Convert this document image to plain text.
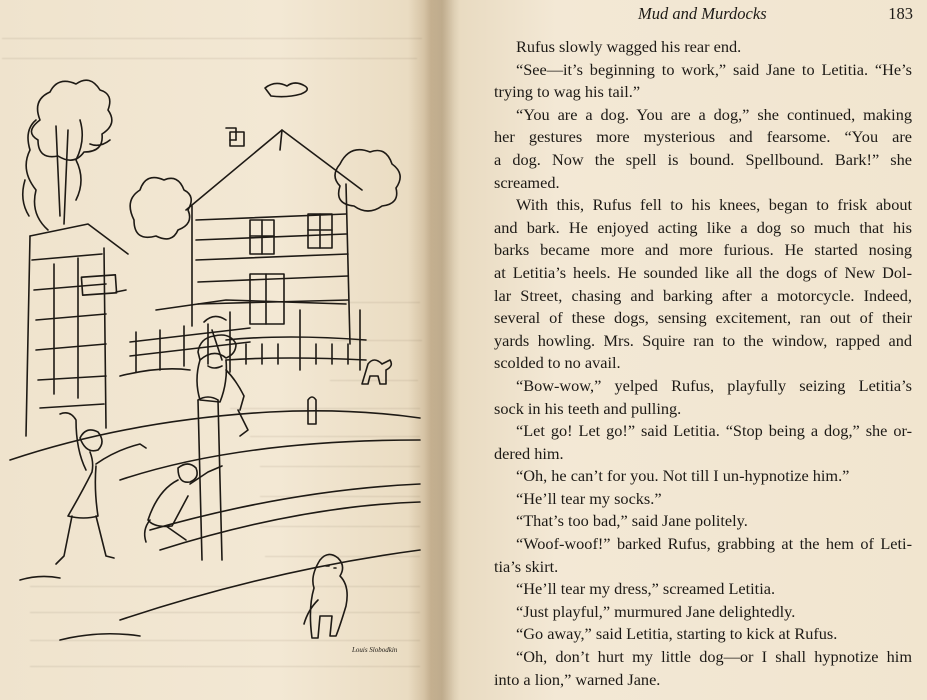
Louis Slobodkin
Mud and Murdocks	183
Rufus slowly wagged his rear end.
“See—it’s beginning to work,” said Jane to Letitia. “He’s
trying to wag his tail.”
“You are a dog. You are a dog,” she continued, making
her gestures more mysterious and fearsome. “You are
a dog. Now the spell is bound. Spellbound. Bark!” she
screamed.
With this, Rufus fell to his knees, began to frisk about
and bark. He enjoyed acting like a dog so much that his
barks became more and more furious. He started nosing
at Letitia’s heels. He sounded like all the dogs of New Dol-
lar Street, chasing and barking after a motorcycle. Indeed,
several of these dogs, sensing excitement, ran out of their
yards howling. Mrs. Squire ran to the window, rapped and
scolded to no avail.
“Bow-wow,” yelped Rufus, playfully seizing Letitia’s
sock in his teeth and pulling.
“Let go! Let go!” said Letitia. “Stop being a dog,” she or-
dered him.
“Oh, he can’t for you. Not till I un-hypnotize him.”
“He’ll tear my socks.”
“That’s too bad,” said Jane politely.
“Woof-woof!” barked Rufus, grabbing at the hem of Leti-
tia’s skirt.
“He’ll tear my dress,” screamed Letitia.
“Just playful,” murmured Jane delightedly.
“Go away,” said Letitia, starting to kick at Rufus.
“Oh, don’t hurt my little dog—or I shall hypnotize him
into a lion,” warned Jane.
